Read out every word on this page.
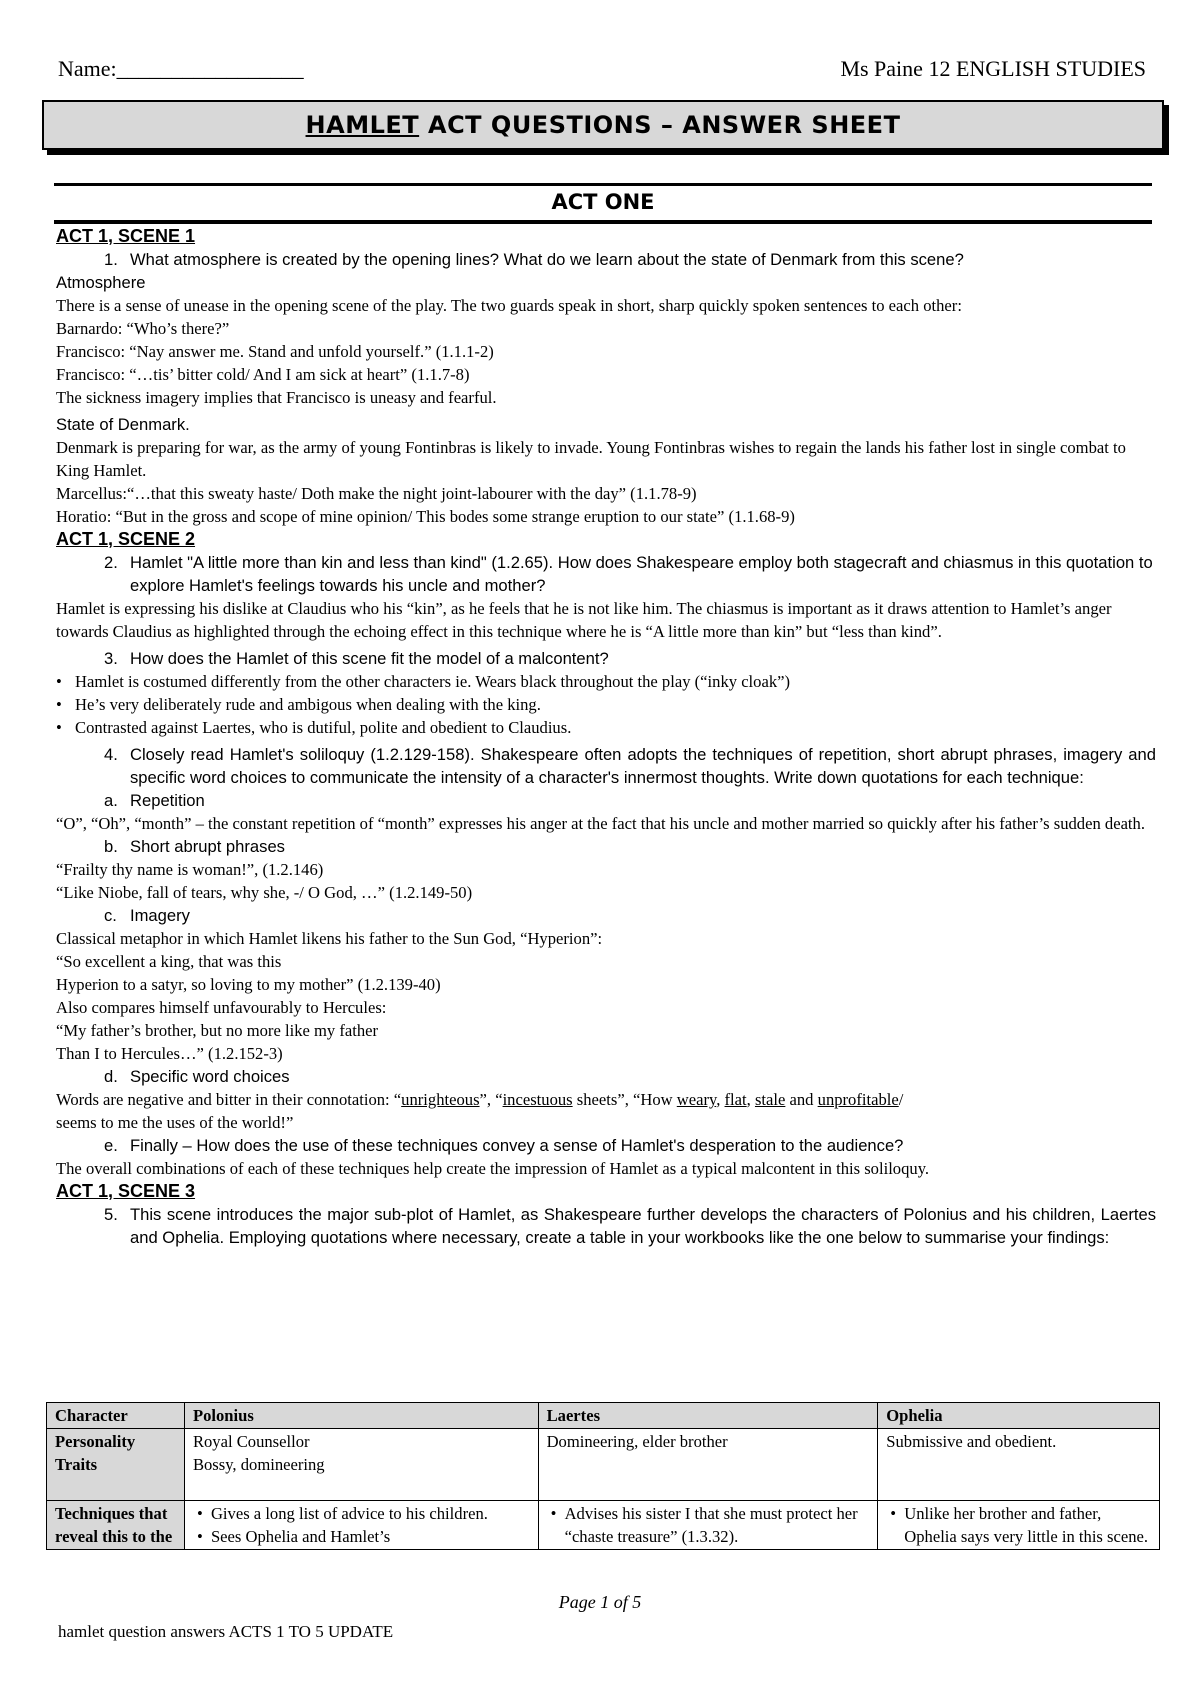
Name:_________________	Ms Paine 12 ENGLISH STUDIES
HAMLET ACT QUESTIONS – ANSWER SHEET
ACT ONE

ACT 1, SCENE 1

1. What atmosphere is created by the opening lines? What do we learn about the state of Denmark from this scene?

Atmosphere

There is a sense of unease in the opening scene of the play. The two guards speak in short, sharp quickly spoken sentences to each other:

Barnardo: “Who’s there?”

Francisco: “Nay answer me. Stand and unfold yourself.” (1.1.1-2)

Francisco: “…tis’ bitter cold/ And I am sick at heart” (1.1.7-8)

The sickness imagery implies that Francisco is uneasy and fearful.

State of Denmark.

Denmark is preparing for war, as the army of young Fontinbras is likely to invade. Young Fontinbras wishes to regain the lands his father lost in single combat to King Hamlet.

Marcellus:“…that this sweaty haste/ Doth make the night joint-labourer with the day” (1.1.78-9)

Horatio: “But in the gross and scope of mine opinion/ This bodes some strange eruption to our state” (1.1.68-9)

ACT 1, SCENE 2

2. Hamlet "A little more than kin and less than kind" (1.2.65). How does Shakespeare employ both stagecraft and chiasmus in this quotation to explore Hamlet's feelings towards his uncle and mother?

Hamlet is expressing his dislike at Claudius who his “kin”, as he feels that he is not like him. The chiasmus is important as it draws attention to Hamlet’s anger towards Claudius as highlighted through the echoing effect in this technique where he is “A little more than kin” but “less than kind”.

3. How does the Hamlet of this scene fit the model of a malcontent?

• Hamlet is costumed differently from the other characters ie. Wears black throughout the play (“inky cloak”)

• He’s very deliberately rude and ambigous when dealing with the king.

• Contrasted against Laertes, who is dutiful, polite and obedient to Claudius.

4. Closely read Hamlet's soliloquy (1.2.129-158). Shakespeare often adopts the techniques of repetition, short abrupt phrases, imagery and specific word choices to communicate the intensity of a character's innermost thoughts. Write down quotations for each technique:

a. Repetition

“O”, “Oh”, “month” – the constant repetition of “month” expresses his anger at the fact that his uncle and mother married so quickly after his father’s sudden death.

b. Short abrupt phrases

“Frailty thy name is woman!”, (1.2.146)

“Like Niobe, fall of tears, why she, -/ O God, …” (1.2.149-50)

c. Imagery

Classical metaphor in which Hamlet likens his father to the Sun God, “Hyperion”:

“So excellent a king, that was this

Hyperion to a satyr, so loving to my mother” (1.2.139-40)

Also compares himself unfavourably to Hercules:

“My father’s brother, but no more like my father

Than I to Hercules…” (1.2.152-3)

d. Specific word choices

Words are negative and bitter in their connotation: “unrighteous”, “incestuous sheets”, “How weary, flat, stale and unprofitable/

seems to me the uses of the world!”

e. Finally – How does the use of these techniques convey a sense of Hamlet's desperation to the audience?

The overall combinations of each of these techniques help create the impression of Hamlet as a typical malcontent in this soliloquy.

ACT 1, SCENE 3

5. This scene introduces the major sub-plot of Hamlet, as Shakespeare further develops the characters of Polonius and his children, Laertes and Ophelia. Employing quotations where necessary, create a table in your workbooks like the one below to summarise your findings:

Character	Polonius	Laertes	Ophelia
Personality Traits	Royal Counsellor
Bossy, domineering	Domineering, elder brother	Submissive and obedient.
Techniques that reveal this to the	• Gives a long list of advice to his children.
• Sees Ophelia and Hamlet’s	• Advises his sister I that she must protect her “chaste treasure” (1.3.32).	• Unlike her brother and father, Ophelia says very little in this scene.
Page 1 of 5
hamlet question answers ACTS 1 TO 5 UPDATE
